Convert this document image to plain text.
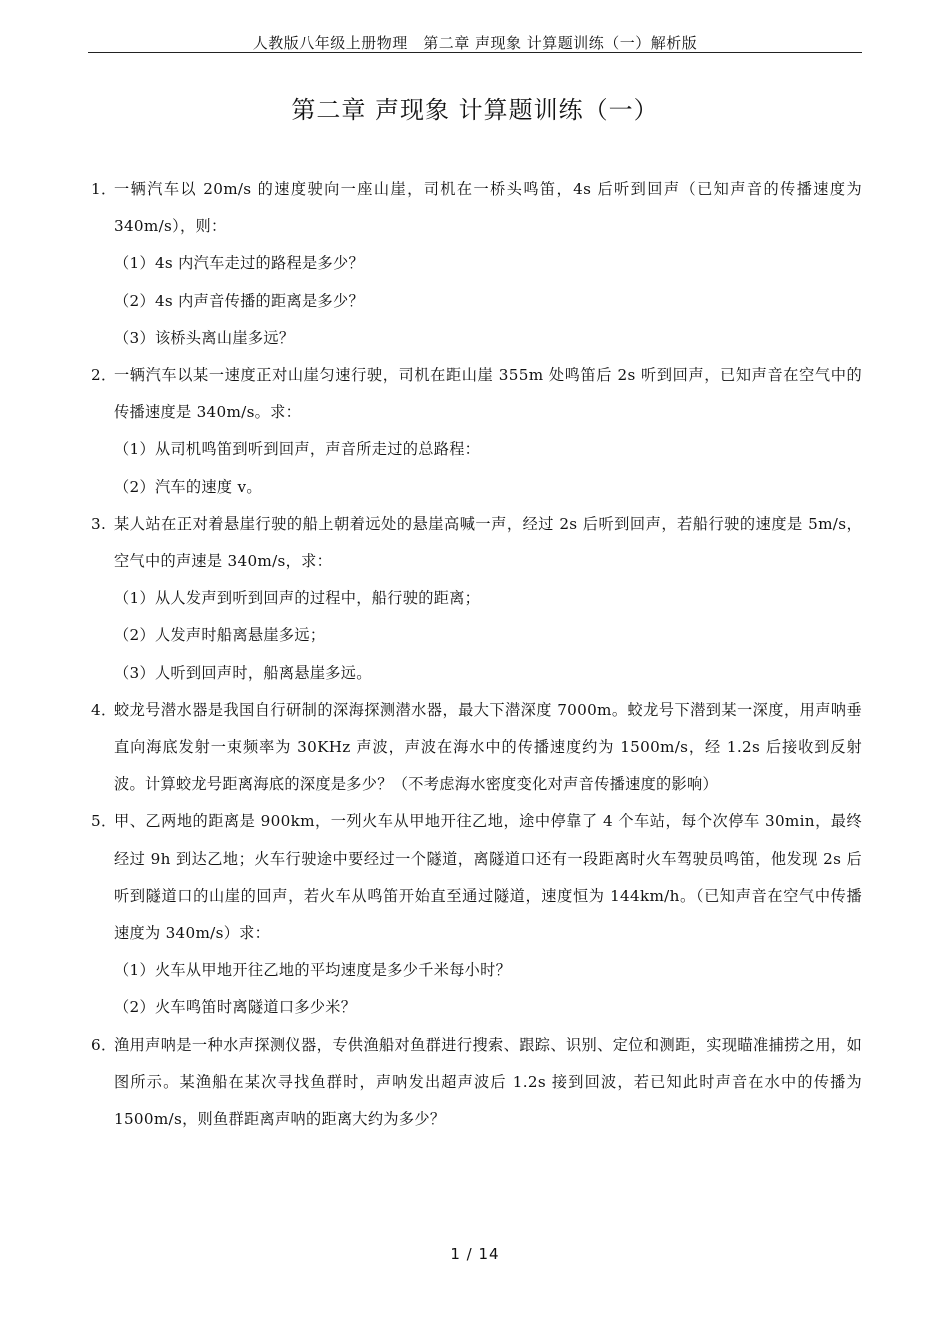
人教版八年级上册物理　第二章 声现象 计算题训练（一）解析版
第二章 声现象 计算题训练（一）
1．
一辆汽车以 20m/s 的速度驶向一座山崖，司机在一桥头鸣笛，4s 后听到回声（已知声音的传播速度为 340m/s），则：
（1）4s 内汽车走过的路程是多少？
（2）4s 内声音传播的距离是多少？
（3）该桥头离山崖多远？
2．
一辆汽车以某一速度正对山崖匀速行驶，司机在距山崖 355m 处鸣笛后 2s 听到回声，已知声音在空气中的传播速度是 340m/s。求：
（1）从司机鸣笛到听到回声，声音所走过的总路程：
（2）汽车的速度 v。
3. 某人站在正对着悬崖行驶的船上朝着远处的悬崖高喊一声，经过 2s 后听到回声，若船行驶的速度是 5m/s，空气中的声速是 340m/s，求：
（1）从人发声到听到回声的过程中，船行驶的距离；
（2）人发声时船离悬崖多远；
（3）人听到回声时，船离悬崖多远。
4．
蛟龙号潜水器是我国自行研制的深海探测潜水器，最大下潜深度 7000m。蛟龙号下潜到某一深度，用声呐垂直向海底发射一束频率为 30KHz 声波，声波在海水中的传播速度约为 1500m/s，经 1.2s 后接收到反射波。计算蛟龙号距离海底的深度是多少？（不考虑海水密度变化对声音传播速度的影响）
5．
甲、乙两地的距离是 900km，一列火车从甲地开往乙地，途中停靠了 4 个车站，每个次停车 30min，最终经过 9h 到达乙地；火车行驶途中要经过一个隧道，离隧道口还有一段距离时火车驾驶员鸣笛，他发现 2s 后听到隧道口的山崖的回声，若火车从鸣笛开始直至通过隧道，速度恒为 144km/h。（已知声音在空气中传播速度为 340m/s）求：
（1）火车从甲地开往乙地的平均速度是多少千米每小时？
（2）火车鸣笛时离隧道口多少米？
6．
渔用声呐是一种水声探测仪器，专供渔船对鱼群进行搜索、跟踪、识别、定位和测距，实现瞄准捕捞之用，如图所示。某渔船在某次寻找鱼群时，声呐发出超声波后 1.2s 接到回波，若已知此时声音在水中的传播为 1500m/s，则鱼群距离声呐的距离大约为多少？
1 / 14
